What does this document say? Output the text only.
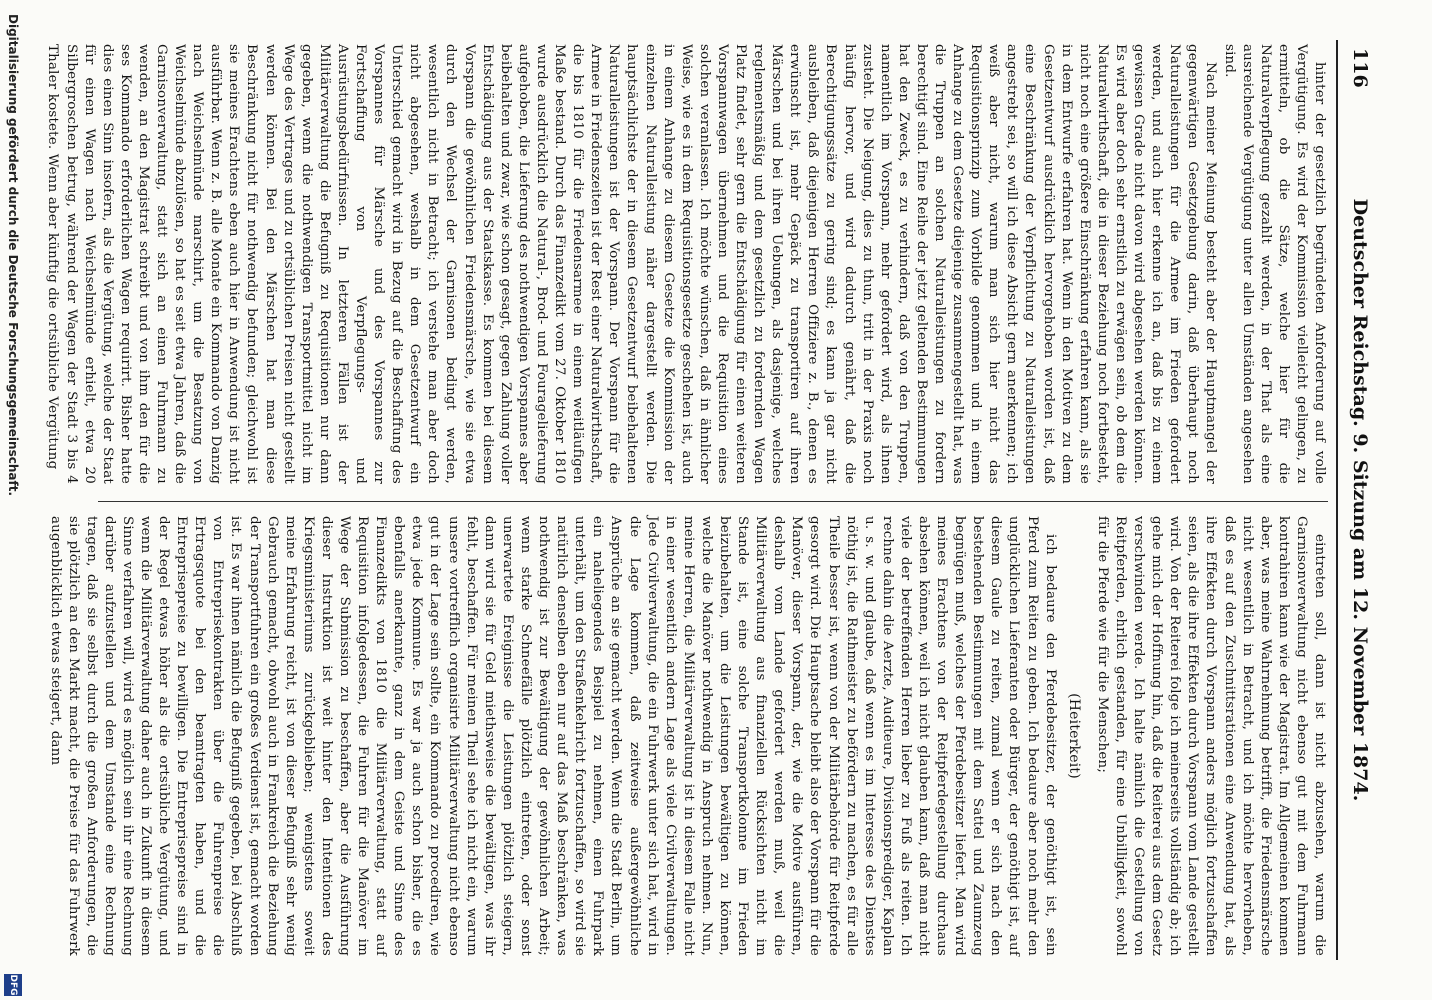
Digitalisierung gefördert durch die Deutsche Forschungsgemeinschaft.
DFG
116
Deutscher Reichstag. 9. Sitzung am 12. November 1874.

hinter der gesetzlich begründeten Anforderung auf volle Vergütigung. Es wird der Kommission vielleicht gelingen, zu ermitteln, ob die Sätze, welche hier für die Naturalverpflegung gezahlt werden, in der That als eine ausreichende Vergütigung unter allen Umständen angesehen sind.

Nach meiner Meinung besteht aber der Hauptmangel der gegenwärtigen Gesetzgebung darin, daß überhaupt noch Naturalleistungen für die Armee im Frieden gefordert werden, und auch hier erkenne ich an, daß bis zu einem gewissen Grade nicht davon wird abgesehen werden können. Es wird aber doch sehr ernstlich zu erwägen sein, ob dem die Naturalwirthschaft, die in dieser Beziehung noch fortbesteht, nicht noch eine größere Einschränkung erfahren kann, als sie in dem Entwurfe erfahren hat. Wenn in den Motiven zu dem Gesetzentwurf ausdrücklich hervorgehoben worden ist, daß eine Beschränkung der Verpflichtung zu Naturalleistungen angestrebt sei, so will ich diese Absicht gern anerkennen; ich weiß aber nicht, warum man sich hier nicht das Requisitionsprinzip zum Vorbilde genommen und in einem Anhange zu dem Gesetze diejenige zusammengestellt hat, was die Truppen an solchen Naturalleistungen zu fordern berechtigt sind. Eine Reihe der jetzt geltenden Bestimmungen hat den Zweck, es zu verhindern, daß von den Truppen, namentlich im Vorspann, mehr gefordert wird, als ihnen zusteht. Die Neigung, dies zu thun, tritt in der Praxis noch häufig hervor, und wird dadurch genährt, daß die Berechtigungssätze zu gering sind; es kann ja gar nicht ausbleiben, daß diejenigen Herren Offiziere z. B., denen es erwünscht ist, mehr Gepäck zu transportiren auf ihren Märschen und bei ihren Uebungen, als dasjenige, welches reglementsmäßig und dem gesetzlich zu fordernden Wagen Platz findet, sehr gern die Entschädigung für einen weiteren Vorspannwagen übernehmen und die Requisition eines solchen veranlassen. Ich möchte wünschen, daß in ähnlicher Weise, wie es in dem Requisitionsgesetze geschehen ist, auch in einem Anhange zu diesem Gesetze die Kommission der einzelnen Naturalleistung näher dargestellt werden. Die hauptsächlichste der in diesem Gesetzentwurf beibehaltenen Naturalleistungen ist der Vorspann. Der Vorspann für die Armee in Friedenszeiten ist der Rest einer Naturalwirthschaft, die bis 1810 für die Friedensarmee in einem weitläufigen Maße bestand. Durch das Finanzedikt vom 27. Oktober 1810 wurde ausdrücklich die Natural-, Brod- und Fouragelieferung aufgehoben, die Lieferung des nothwendigen Vorspannes aber beibehalten und zwar, wie schon gesagt, gegen Zahlung voller Entschädigung aus der Staatskasse. Es kommen bei diesem Vorspann die gewöhnlichen Friedensmärsche, wie sie etwa durch den Wechsel der Garnisonen bedingt werden, wesentlich nicht in Betracht; ich verstehe man aber doch nicht abgesehen, weshalb in dem Gesetzentwurf ein Unterschied gemacht wird in Bezug auf die Beschaffung des Vorspannes für Märsche und des Vorspannes zur Fortschaffung von Verpflegungs- und Ausrüstungsbedürfnissen. In letzteren Fällen ist der Militärverwaltung die Befugniß zu Requisitionen nur dann gegeben, wenn die nothwendigen Transportmittel nicht im Wege des Vertrages und zu ortsüblichen Preisen nicht gestellt werden können. Bei den Märschen hat man diese Beschränkung nicht für nothwendig befunden; gleichwohl ist sie meines Erachtens eben auch hier in Anwendung ist nicht ausführbar. Wenn z. B. alle Monate ein Kommando von Danzig nach Weichselmünde marschirt, um die Besatzung von Weichselmünde abzulösen, so hat es seit etwa Jahren, daß die Garnisonverwaltung, statt sich an einen Fuhrmann zu wenden, an den Magistrat schreibt und von ihm den für die ses Kommando erforderlichen Wagen requirirt. Bisher hatte dies einen Sinn insofern, als die Vergütung, welche der Staat für einen Wagen nach Weichselmünde erhielt, etwa 20 Silbergroschen betrug, während der Wagen der Stadt 3 bis 4 Thaler kostete. Wenn aber künftig die ortsübliche Vergütung

eintreten soll, dann ist nicht abzusehen, warum die Garnisonverwaltung nicht ebenso gut mit dem Fuhrmann kontrahiren kann wie der Magistrat. Im Allgemeinen kommen aber, was meine Wahrnehmung betrifft, die Friedensmärsche nicht wesentlich in Betracht, und ich möchte hervorheben, daß es auf den Zuschnittsrationen eine Anwendung hat, als ihre Effekten durch Vorspann anders möglich fortzuschaffen seien, als die ihre Effekten durch Vorspann vom Lande gestellt wird. Von der Reiterei folge ich meinerseits vollständig ab; ich gehe mich der Hoffnung hin, daß die Reiterei aus dem Gesetz verschwinden werde. Ich halte nämlich die Gestellung von Reitpferden, ehrlich gestanden, für eine Unbilligkeit, sowohl für die Pferde wie für die Menschen;

(Heiterkeit)

ich bedaure den Pferdebesitzer, der genöthigt ist, sein Pferd zum Reiten zu geben. Ich bedaure aber noch mehr den unglücklichen Lieferanten oder Bürger, der genöthigt ist, auf diesem Gaule zu reiten, zumal wenn er sich nach den bestehenden Bestimmungen mit dem Sattel und Zaumzeug begnügen muß, welches der Pferdebesitzer liefert. Man wird meines Erachtens von der Reitpferdegestellung durchaus absehen können, weil ich nicht glauben kann, daß man nicht viele der betreffenden Herren lieber zu Fuß als reiten. Ich rechne dahin die Aerzte, Auditeure, Divisionsprediger, Kaplan u. s. w. und glaube, daß wenn es im Interesse des Dienstes nöthig ist, die Rathmeister zu befördern zu machen, es für alle Theile besser ist, wenn von der Militärbehörde für Reitpferde gesorgt wird. Die Hauptsache bleibt also der Vorspann für die Manöver, dieser Vorspann, der, wie die Motive ausführen, deshalb vom Lande gefordert werden muß, weil die Militärverwaltung aus finanziellen Rücksichten nicht im Stande ist, eine solche Transportkolonne im Frieden beizubehalten, um die Leistungen bewältigen zu können, welche die Manöver nothwendig in Anspruch nehmen. Nun, meine Herren, die Militärverwaltung ist in diesem Falle nicht in einer wesentlich andern Lage als viele Civilverwaltungen. Jede Civilverwaltung, die ein Fuhrwerk unter sich hat, wird in die Lage kommen, daß zeitweise außergewöhnliche Ansprüche an sie gemacht werden. Wenn die Stadt Berlin, um ein naheliegendes Beispiel zu nehmen, einen Fuhrpark unterhält, um den Straßenkehricht fortzuschaffen, so wird sie natürlich denselben eben nur auf das Maß beschränken, was nothwendig ist zur Bewältigung der gewöhnlichen Arbeit; wenn starke Schneefälle plötzlich eintreten, oder sonst unerwartete Ereignisse die Leistungen plötzlich steigern, dann wird sie für Geld miethsweise die bewältigen, was ihr fehlt, beschaffen. Für meinen Theil sehe ich nicht ein, warum unsere vortrefflich organisirte Militärverwaltung nicht ebenso gut in der Lage sein sollte, ein Kommando zu procediren, wie etwa jede Kommune. Es war ja auch schon bisher, die es ebenfalls anerkannte, ganz in dem Geiste und Sinne des Finanzedikts von 1810 die Militärverwaltung, statt auf Requisition infolgedessen, die Fuhren für die Manöver im Wege der Submission zu beschaffen, aber die Ausführung dieser Instruktion ist weit hinter den Intentionen des Kriegsministeriums zurückgeblieben; wenigstens soweit meine Erfahrung reicht, ist von dieser Befugniß sehr wenig Gebrauch gemacht, obwohl auch in Frankreich die Beziehung der Transportfuhren ein großes Verdienst ist, gemacht worden ist. Es war ihnen nämlich die Befugniß gegeben, bei Abschluß von Entreprisekontrakten über die Fuhrenpreise die Ertragsquote bei den beamtragten haben, und die Entreprisepreise zu bewilligen. Die Entreprisepreise sind in der Regel etwas höher als die ortsübliche Vergütung, und wenn die Militärverwaltung daher auch in Zukunft in diesem Sinne verfahren will, wird es möglich sein ihr eine Rechnung darüber aufzustellen und dem Umstande eine Rechnung tragen, daß sie selbst durch die großen Anforderungen, die sie plötzlich an den Markt macht, die Preise für das Fuhrwerk augenblicklich etwas steigert, dann
